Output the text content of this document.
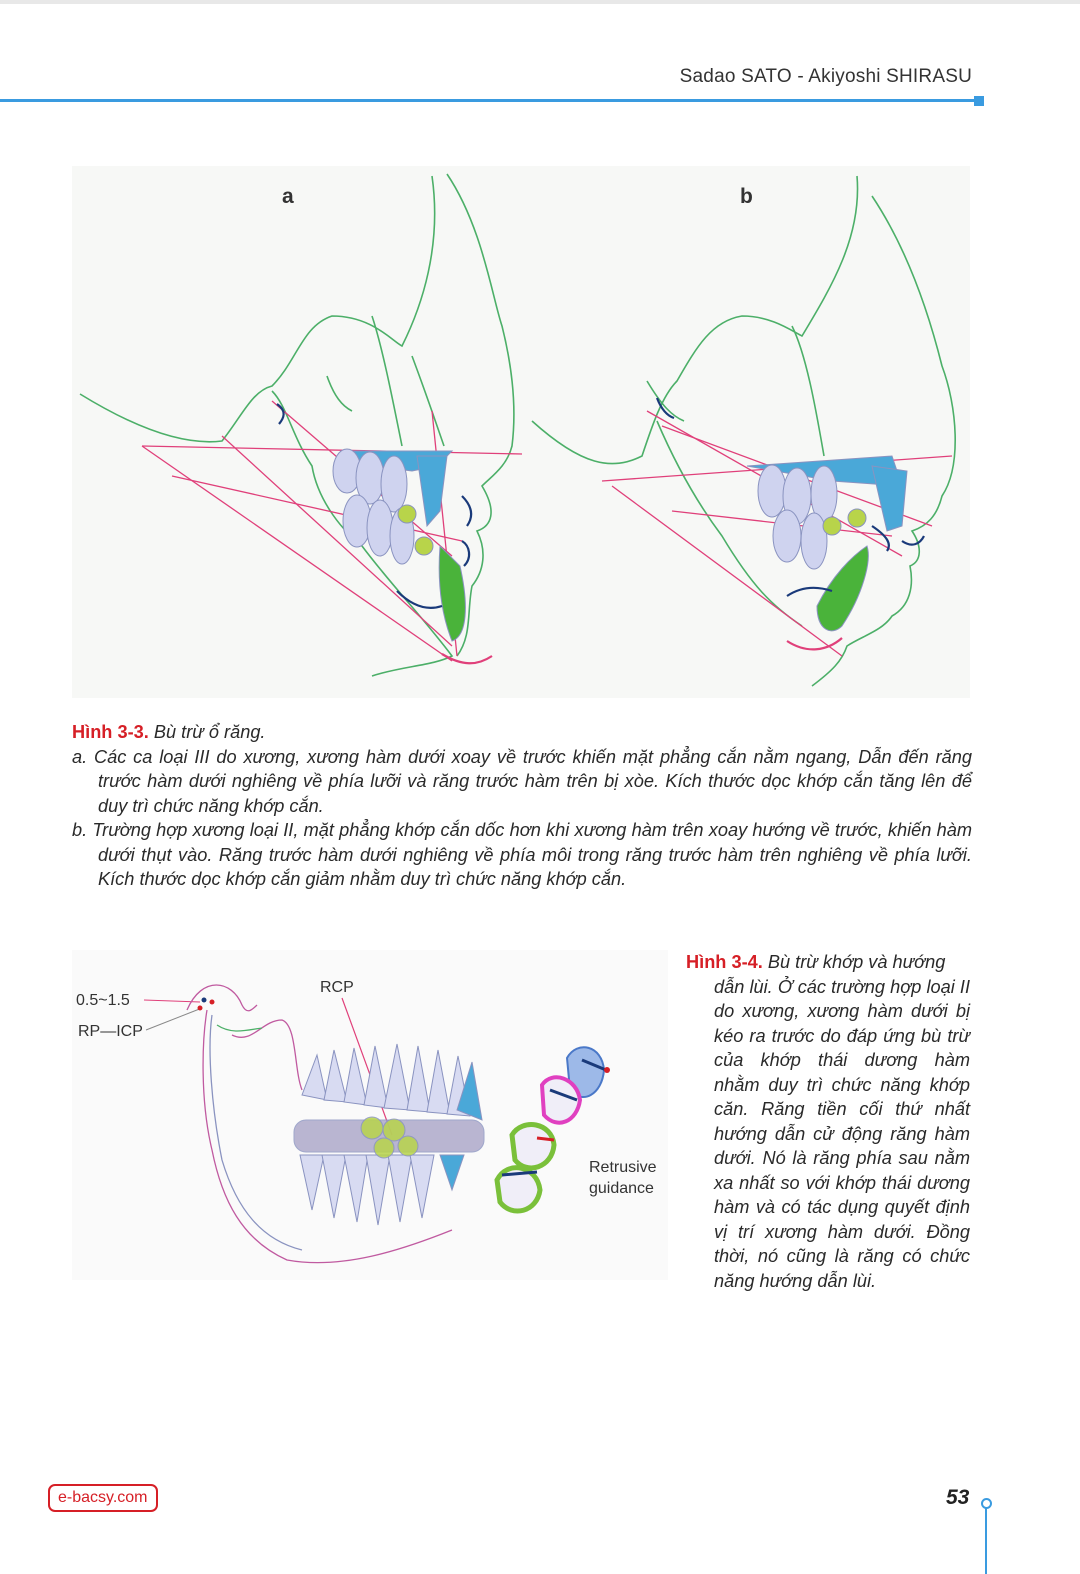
Sadao SATO - Akiyoshi SHIRASU
a	b

Hình 3-3. Bù trừ ổ răng.

a. Các ca loại III do xương, xương hàm dưới xoay về trước khiến mặt phẳng cắn nằm ngang, Dẫn đến răng trước hàm dưới nghiêng về phía lưỡi và răng trước hàm trên bị xòe. Kích thước dọc khớp cắn tăng lên để duy trì chức năng khớp cắn.

b. Trường hợp xương loại II, mặt phẳng khớp cắn dốc hơn khi xương hàm trên xoay hướng về trước, khiến hàm dưới thụt vào. Răng trước hàm dưới nghiêng về phía môi trong răng trước hàm trên nghiêng về phía lưỡi. Kích thước dọc khớp cắn giảm nhằm duy trì chức năng khớp cắn.

0.5~1.5
RP—ICP
RCP
Retrusive
guidance
Hình 3-4. Bù trừ khớp và hướng
dẫn lùi. Ở các trường hợp loại II do xương, xương hàm dưới bị kéo ra trước do đáp ứng bù trừ của khớp thái dương hàm nhằm duy trì chức năng khớp căn. Răng tiền cối thứ nhất hướng dẫn cử động răng hàm dưới. Nó là răng phía sau nằm xa nhất so với khớp thái dương hàm và có tác dụng quyết định vị trí xương hàm dưới. Đồng thời, nó cũng là răng có chức năng hướng dẫn lùi.
e-bacsy.com	53
